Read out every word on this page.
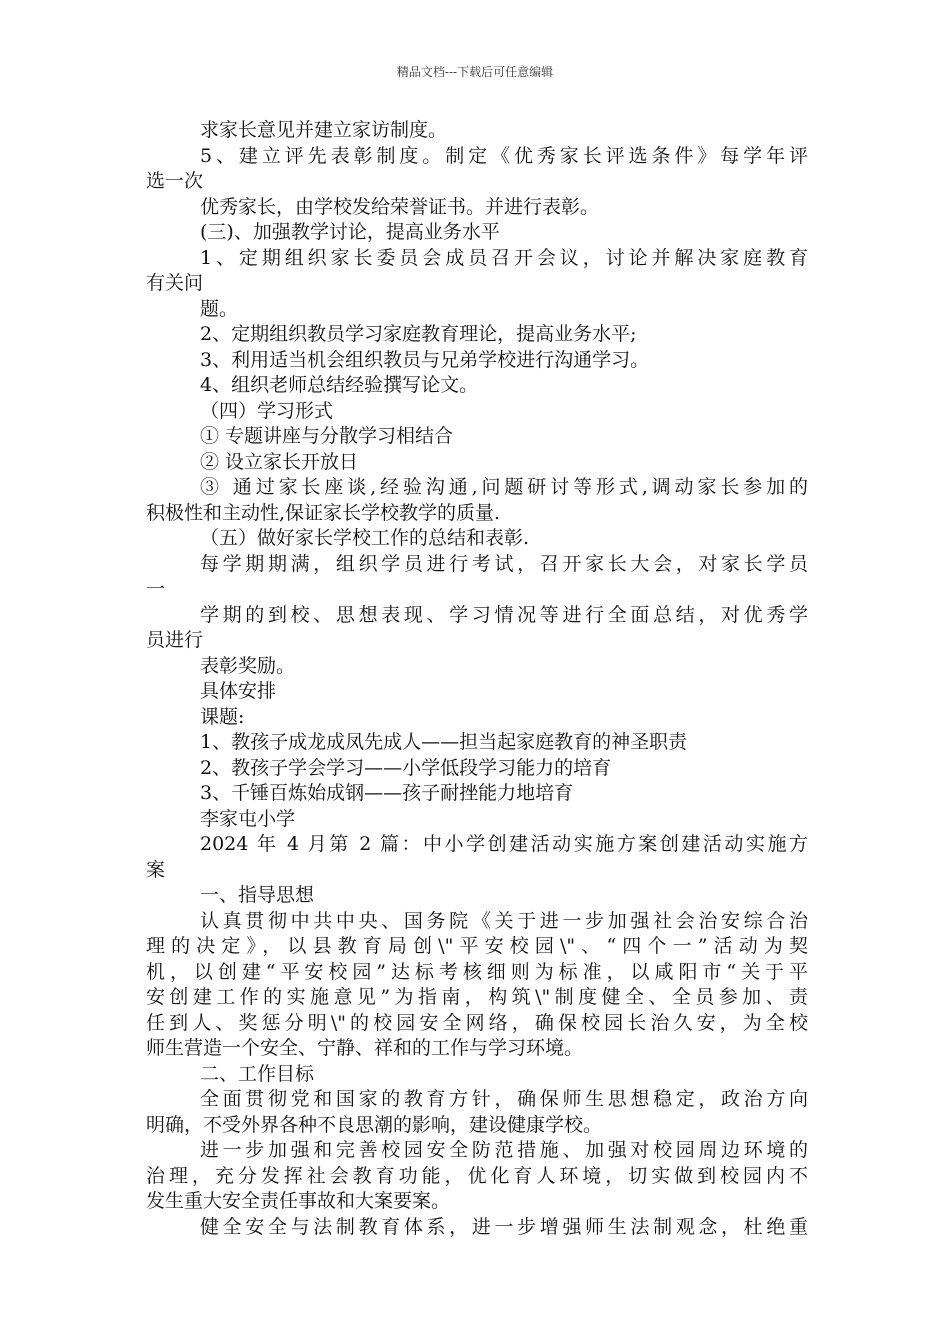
精品文档---下载后可任意编辑
求家长意见并建立家访制度。
5、建立评先表彰制度。制定《优秀家长评选条件》每学年评
选一次
优秀家长，由学校发给荣誉证书。并进行表彰。
(三)、加强教学讨论，提高业务水平
1、定期组织家长委员会成员召开会议，讨论并解决家庭教育
有关问
题。
2、定期组织教员学习家庭教育理论，提高业务水平;
3、利用适当机会组织教员与兄弟学校进行沟通学习。
4、组织老师总结经验撰写论文。
（四）学习形式
① 专题讲座与分散学习相结合
② 设立家长开放日
③ 通过家长座谈,经验沟通,问题研讨等形式,调动家长参加的
积极性和主动性,保证家长学校教学的质量.
（五）做好家长学校工作的总结和表彰.
每学期期满，组织学员进行考试，召开家长大会，对家长学员
一
学期的到校、思想表现、学习情况等进行全面总结，对优秀学
员进行
表彰奖励。
具体安排
课题:
1、教孩子成龙成凤先成人——担当起家庭教育的神圣职责
2、教孩子学会学习——小学低段学习能力的培育
3、千锤百炼始成钢——孩子耐挫能力地培育
李家屯小学
2024 年 4 月第 2 篇：中小学创建活动实施方案创建活动实施方
案
一、指导思想
认真贯彻中共中央、国务院《关于进一步加强社会治安综合治
理的决定》，以县教育局创\"平安校园\"、“四个一”活动为契
机，以创建“平安校园”达标考核细则为标准，以咸阳市“关于平
安创建工作的实施意见”为指南，构筑\"制度健全、全员参加、责
任到人、奖惩分明\"的校园安全网络，确保校园长治久安，为全校
师生营造一个安全、宁静、祥和的工作与学习环境。
二、工作目标
全面贯彻党和国家的教育方针，确保师生思想稳定，政治方向
明确，不受外界各种不良思潮的影响，建设健康学校。
进一步加强和完善校园安全防范措施、加强对校园周边环境的
治理，充分发挥社会教育功能，优化育人环境，切实做到校园内不
发生重大安全责任事故和大案要案。
健全安全与法制教育体系，进一步增强师生法制观念，杜绝重
